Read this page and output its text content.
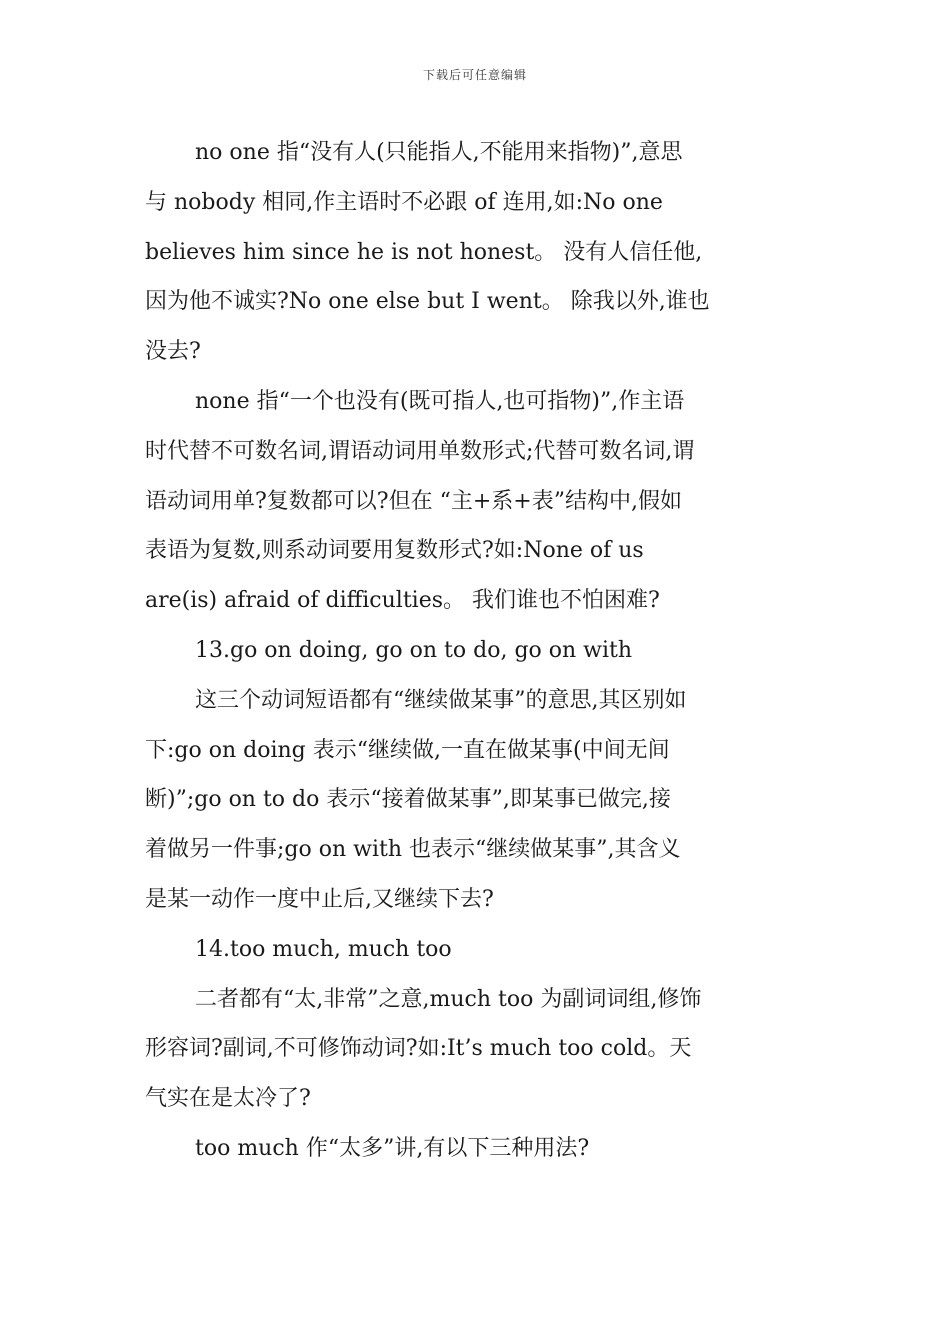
下载后可任意编辑
no one 指“没有人(只能指人,不能用来指物)”,意思
与 nobody 相同,作主语时不必跟 of 连用,如:No one
believes him since he is not honest。 没有人信任他,
因为他不诚实?No one else but I went。 除我以外,谁也
没去?
none 指“一个也没有(既可指人,也可指物)”,作主语
时代替不可数名词,谓语动词用单数形式;代替可数名词,谓
语动词用单?复数都可以?但在 “主+系+表”结构中,假如
表语为复数,则系动词要用复数形式?如:None of us
are(is) afraid of difficulties。 我们谁也不怕困难?
13.go on doing, go on to do, go on with
这三个动词短语都有“继续做某事”的意思,其区别如
下:go on doing 表示“继续做,一直在做某事(中间无间
断)”;go on to do 表示“接着做某事”,即某事已做完,接
着做另一件事;go on with 也表示“继续做某事”,其含义
是某一动作一度中止后,又继续下去?
14.too much, much too
二者都有“太,非常”之意,much too 为副词词组,修饰
形容词?副词,不可修饰动词?如:It’s much too cold。天
气实在是太冷了?
too much 作“太多”讲,有以下三种用法?
